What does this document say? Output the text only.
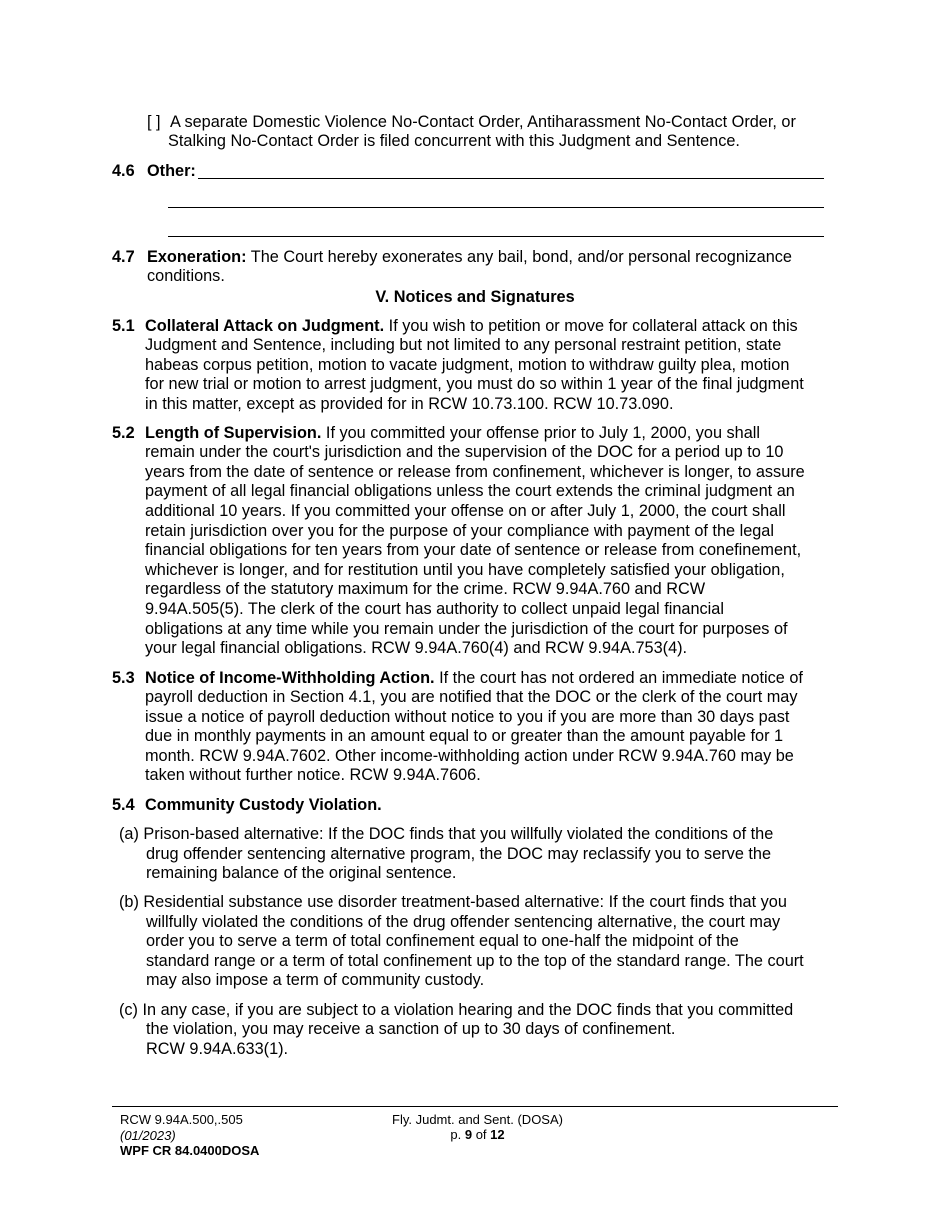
[ ] A separate Domestic Violence No-Contact Order, Antiharassment No-Contact Order, or
Stalking No-Contact Order is filed concurrent with this Judgment and Sentence.
4.6 Other:
4.7 Exoneration: The Court hereby exonerates any bail, bond, and/or personal recognizance
conditions.
V. Notices and Signatures
5.1 Collateral Attack on Judgment. If you wish to petition or move for collateral attack on this
Judgment and Sentence, including but not limited to any personal restraint petition, state
habeas corpus petition, motion to vacate judgment, motion to withdraw guilty plea, motion
for new trial or motion to arrest judgment, you must do so within 1 year of the final judgment
in this matter, except as provided for in RCW 10.73.100. RCW 10.73.090.
5.2 Length of Supervision. If you committed your offense prior to July 1, 2000, you shall
remain under the court's jurisdiction and the supervision of the DOC for a period up to 10
years from the date of sentence or release from confinement, whichever is longer, to assure
payment of all legal financial obligations unless the court extends the criminal judgment an
additional 10 years. If you committed your offense on or after July 1, 2000, the court shall
retain jurisdiction over you for the purpose of your compliance with payment of the legal
financial obligations for ten years from your date of sentence or release from conefinement,
whichever is longer, and for restitution until you have completely satisfied your obligation,
regardless of the statutory maximum for the crime. RCW 9.94A.760 and RCW
9.94A.505(5). The clerk of the court has authority to collect unpaid legal financial
obligations at any time while you remain under the jurisdiction of the court for purposes of
your legal financial obligations. RCW 9.94A.760(4) and RCW 9.94A.753(4).
5.3 Notice of Income-Withholding Action. If the court has not ordered an immediate notice of
payroll deduction in Section 4.1, you are notified that the DOC or the clerk of the court may
issue a notice of payroll deduction without notice to you if you are more than 30 days past
due in monthly payments in an amount equal to or greater than the amount payable for 1
month. RCW 9.94A.7602. Other income-withholding action under RCW 9.94A.760 may be
taken without further notice. RCW 9.94A.7606.
5.4 Community Custody Violation.
(a) Prison-based alternative: If the DOC finds that you willfully violated the conditions of the
drug offender sentencing alternative program, the DOC may reclassify you to serve the
remaining balance of the original sentence.
(b) Residential substance use disorder treatment-based alternative: If the court finds that you
willfully violated the conditions of the drug offender sentencing alternative, the court may
order you to serve a term of total confinement equal to one-half the midpoint of the
standard range or a term of total confinement up to the top of the standard range. The court
may also impose a term of community custody.
(c) In any case, if you are subject to a violation hearing and the DOC finds that you committed
the violation, you may receive a sanction of up to 30 days of confinement.
RCW 9.94A.633(1).
RCW 9.94A.500,.505
(01/2023)
WPF CR 84.0400DOSA
Fly. Judmt. and Sent. (DOSA)
p. 9 of 12
